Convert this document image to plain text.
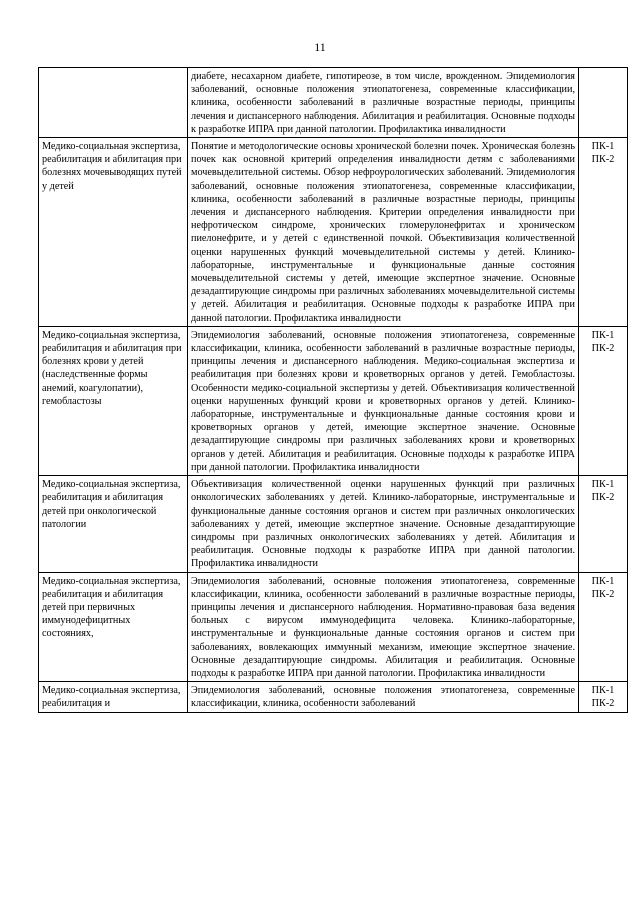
11

	диабете, несахарном диабете, гипотиреозе, в том числе, врожденном. Эпидемиология заболеваний, основные положения этиопатогенеза, современные классификации, клиника, особенности заболеваний в различные возрастные периоды, принципы лечения и диспансерного наблюдения. Абилитация и реабилитация. Основные подходы к разработке ИПРА при данной патологии. Профилактика инвалидности	

Медико-социальная экспертиза, реабилитация и абилитация при болезнях мочевыводящих путей у детей	Понятие и методологические основы хронической болезни почек. Хроническая болезнь почек как основной критерий определения инвалидности детям с заболеваниями мочевыделительной системы. Обзор нефроурологических заболеваний. Эпидемиология заболеваний, основные положения этиопатогенеза, современные классификации, клиника, особенности заболеваний в различные возрастные периоды, принципы лечения и диспансерного наблюдения. Критерии определения инвалидности при нефротическом синдроме, хронических гломерулонефритах и хроническом пиелонефрите, и у детей с единственной почкой. Объективизация количественной оценки нарушенных функций мочевыделительной системы у детей. Клинико-лабораторные, инструментальные и функциональные данные состояния мочевыделительной системы у детей, имеющие экспертное значение. Основные дезадаптирующие синдромы при различных заболеваниях мочевыделительной системы у детей. Абилитация и реабилитация. Основные подходы к разработке ИПРА при данной патологии. Профилактика инвалидности	ПК-1
ПК-2

Медико-социальная экспертиза, реабилитация и абилитация при болезнях крови у детей (наследственные формы анемий, коагулопатии), гемобластозы	Эпидемиология заболеваний, основные положения этиопатогенеза, современные классификации, клиника, особенности заболеваний в различные возрастные периоды, принципы лечения и диспансерного наблюдения. Медико-социальная экспертиза и реабилитация при болезнях крови и кроветворных органов у детей. Гемобластозы. Особенности медико-социальной экспертизы у детей. Объективизация количественной оценки нарушенных функций крови и кроветворных органов у детей. Клинико-лабораторные, инструментальные и функциональные данные состояния крови и кроветворных органов у детей, имеющие экспертное значение. Основные дезадаптирующие синдромы при различных заболеваниях крови и кроветворных органов у детей. Абилитация и реабилитация. Основные подходы к разработке ИПРА при данной патологии. Профилактика инвалидности	ПК-1
ПК-2

Медико-социальная экспертиза, реабилитация и абилитация детей при онкологической патологии	Объективизация количественной оценки нарушенных функций при различных онкологических заболеваниях у детей. Клинико-лабораторные, инструментальные и функциональные данные состояния органов и систем при различных онкологических заболеваниях у детей, имеющие экспертное значение. Основные дезадаптирующие синдромы при различных онкологических заболеваниях у детей. Абилитация и реабилитация. Основные подходы к разработке ИПРА при данной патологии. Профилактика инвалидности	ПК-1
ПК-2

Медико-социальная экспертиза, реабилитация и абилитация детей при первичных иммунодефицитных состояниях,	Эпидемиология заболеваний, основные положения этиопатогенеза, современные классификации, клиника, особенности заболеваний в различные возрастные периоды, принципы лечения и диспансерного наблюдения. Нормативно-правовая база ведения больных с вирусом иммунодефицита человека. Клинико-лабораторные, инструментальные и функциональные данные состояния органов и систем при заболеваниях, вовлекающих иммунный механизм, имеющие экспертное значение. Основные дезадаптирующие синдромы. Абилитация и реабилитация. Основные подходы к разработке ИПРА при данной патологии. Профилактика инвалидности	ПК-1
ПК-2

Медико-социальная экспертиза, реабилитация и	Эпидемиология заболеваний, основные положения этиопатогенеза, современные классификации, клиника, особенности заболеваний	ПК-1
ПК-2
